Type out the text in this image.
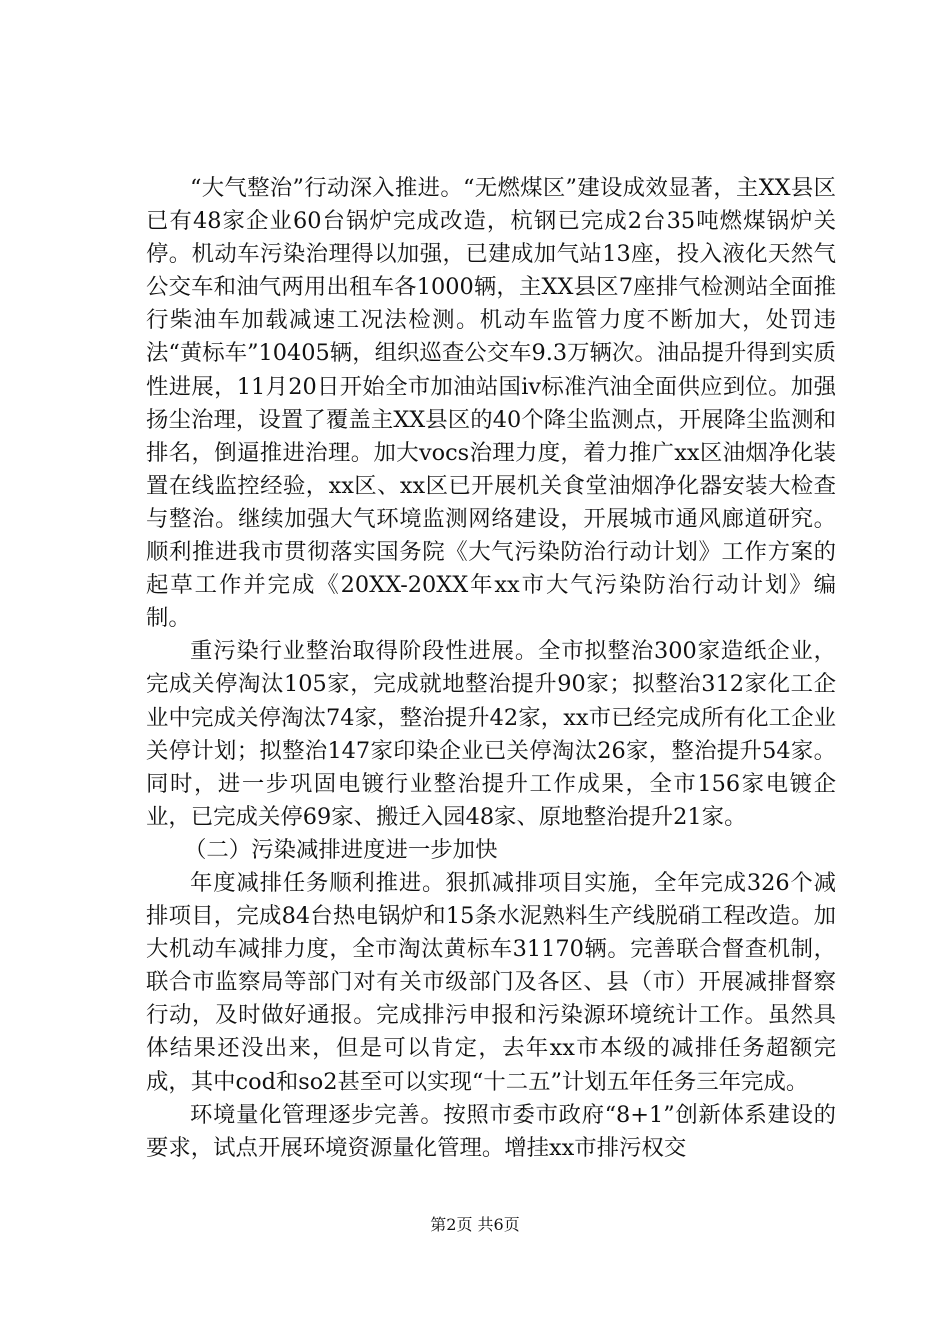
“大气整治”行动深入推进。“无燃煤区”建设成效显著，主XX县区已有48家企业60台锅炉完成改造，杭钢已完成2台35吨燃煤锅炉关停。机动车污染治理得以加强，已建成加气站13座，投入液化天然气公交车和油气两用出租车各1000辆，主XX县区7座排气检测站全面推行柴油车加载减速工况法检测。机动车监管力度不断加大，处罚违法“黄标车”10405辆，组织巡查公交车9.3万辆次。油品提升得到实质性进展，11月20日开始全市加油站国iv标准汽油全面供应到位。加强扬尘治理，设置了覆盖主XX县区的40个降尘监测点，开展降尘监测和排名，倒逼推进治理。加大vocs治理力度，着力推广xx区油烟净化装置在线监控经验，xx区、xx区已开展机关食堂油烟净化器安装大检查与整治。继续加强大气环境监测网络建设，开展城市通风廊道研究。顺利推进我市贯彻落实国务院《大气污染防治行动计划》工作方案的起草工作并完成《20XX-20XX年xx市大气污染防治行动计划》编制。

重污染行业整治取得阶段性进展。全市拟整治300家造纸企业，完成关停淘汰105家，完成就地整治提升90家；拟整治312家化工企业中完成关停淘汰74家，整治提升42家，xx市已经完成所有化工企业关停计划；拟整治147家印染企业已关停淘汰26家，整治提升54家。同时，进一步巩固电镀行业整治提升工作成果，全市156家电镀企业，已完成关停69家、搬迁入园48家、原地整治提升21家。

（二）污染减排进度进一步加快

年度减排任务顺利推进。狠抓减排项目实施，全年完成326个减排项目，完成84台热电锅炉和15条水泥熟料生产线脱硝工程改造。加大机动车减排力度，全市淘汰黄标车31170辆。完善联合督查机制，联合市监察局等部门对有关市级部门及各区、县（市）开展减排督察行动，及时做好通报。完成排污申报和污染源环境统计工作。虽然具体结果还没出来，但是可以肯定，去年xx市本级的减排任务超额完成，其中cod和so2甚至可以实现“十二五”计划五年任务三年完成。

环境量化管理逐步完善。按照市委市政府“8+1”创新体系建设的要求，试点开展环境资源量化管理。增挂xx市排污权交

第2页 共6页
